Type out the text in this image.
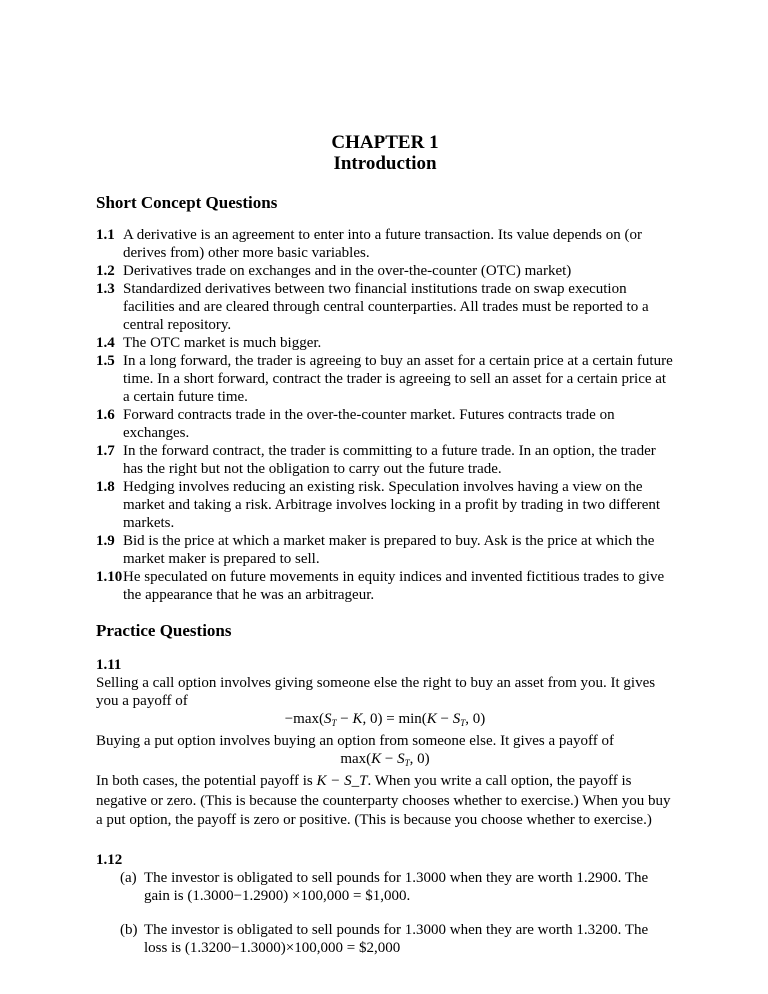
CHAPTER 1
Introduction
Short Concept Questions
1.1 A derivative is an agreement to enter into a future transaction. Its value depends on (or derives from) other more basic variables.
1.2 Derivatives trade on exchanges and in the over-the-counter (OTC) market)
1.3 Standardized derivatives between two financial institutions trade on swap execution facilities and are cleared through central counterparties. All trades must be reported to a central repository.
1.4 The OTC market is much bigger.
1.5 In a long forward, the trader is agreeing to buy an asset for a certain price at a certain future time. In a short forward, contract the trader is agreeing to sell an asset for a certain price at a certain future time.
1.6 Forward contracts trade in the over-the-counter market. Futures contracts trade on exchanges.
1.7 In the forward contract, the trader is committing to a future trade. In an option, the trader has the right but not the obligation to carry out the future trade.
1.8 Hedging involves reducing an existing risk. Speculation involves having a view on the market and taking a risk. Arbitrage involves locking in a profit by trading in two different markets.
1.9 Bid is the price at which a market maker is prepared to buy. Ask is the price at which the market maker is prepared to sell.
1.10 He speculated on future movements in equity indices and invented fictitious trades to give the appearance that he was an arbitrageur.
Practice Questions
1.11
Selling a call option involves giving someone else the right to buy an asset from you. It gives you a payoff of
$-\max(S_T - K$, $0) = \min(K - S_T$, 0)
Buying a put option involves buying an option from someone else. It gives a payoff of
$\max(K - S_T$, 0)
In both cases, the potential payoff is K − S_T. When you write a call option, the payoff is negative or zero. (This is because the counterparty chooses whether to exercise.) When you buy a put option, the payoff is zero or positive. (This is because you choose whether to exercise.)
1.12
(a) The investor is obligated to sell pounds for 1.3000 when they are worth 1.2900. The gain is (1.3000−1.2900) ×100,000 = $1,000.
(b) The investor is obligated to sell pounds for 1.3000 when they are worth 1.3200. The loss is (1.3200−1.3000)×100,000 = $2,000
